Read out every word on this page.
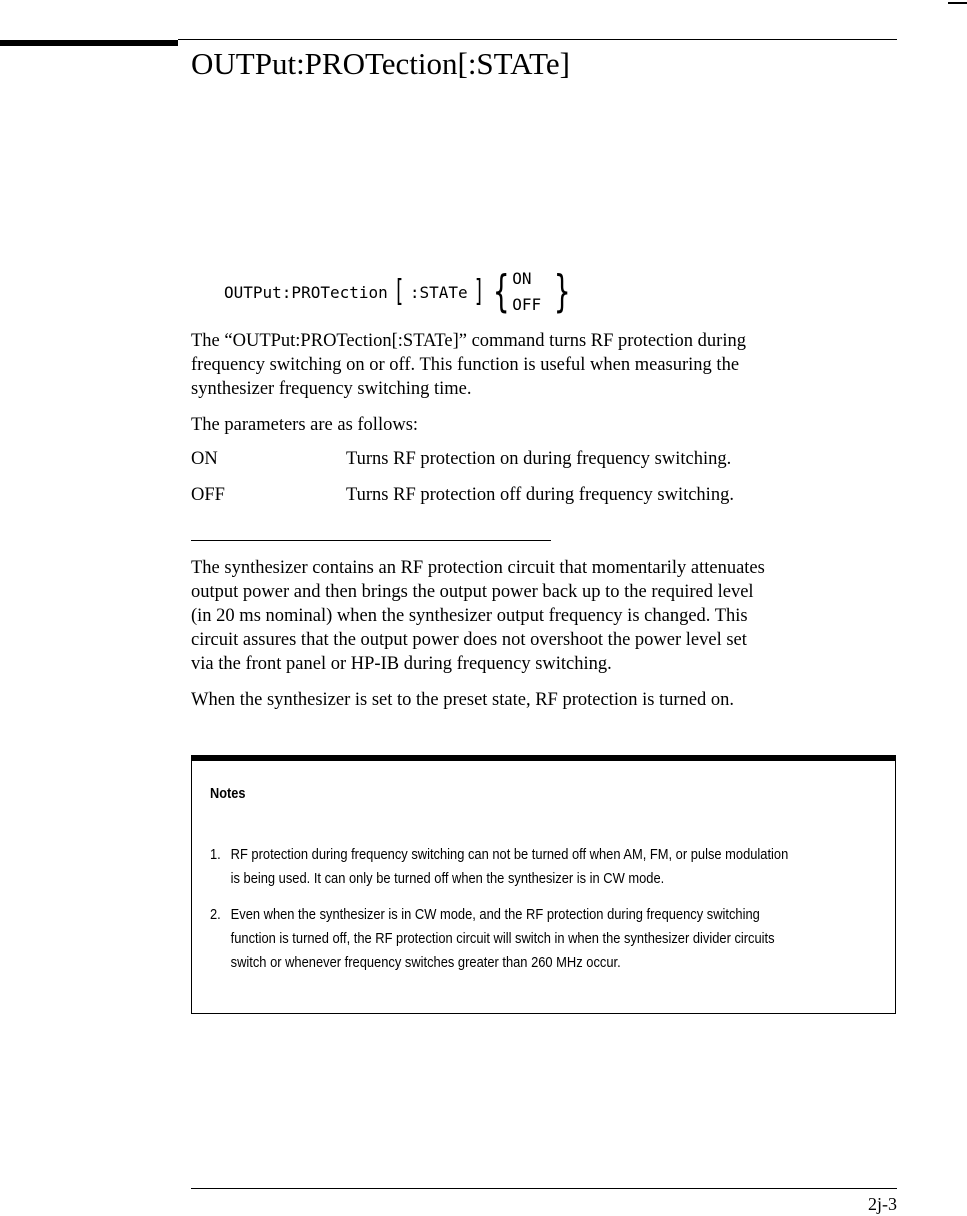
OUTPut:PROTection[:STATe]
OUTPut:PROTection [ :STATe ] { ON
OFF }
The “OUTPut:PROTection[:STATe]” command turns RF protection during
frequency switching on or off. This function is useful when measuring the
synthesizer frequency switching time.
The parameters are as follows:
ON	Turns RF protection on during frequency switching.
OFF	Turns RF protection off during frequency switching.
The synthesizer contains an RF protection circuit that momentarily attenuates
output power and then brings the output power back up to the required level
(in 20 ms nominal) when the synthesizer output frequency is changed. This
circuit assures that the output power does not overshoot the power level set
via the front panel or HP-IB during frequency switching.
When the synthesizer is set to the preset state, RF protection is turned on.
Notes
1. RF protection during frequency switching can not be turned off when AM, FM, or pulse modulation
is being used. It can only be turned off when the synthesizer is in CW mode.
2. Even when the synthesizer is in CW mode, and the RF protection during frequency switching
function is turned off, the RF protection circuit will switch in when the synthesizer divider circuits
switch or whenever frequency switches greater than 260 MHz occur.
2j-3
